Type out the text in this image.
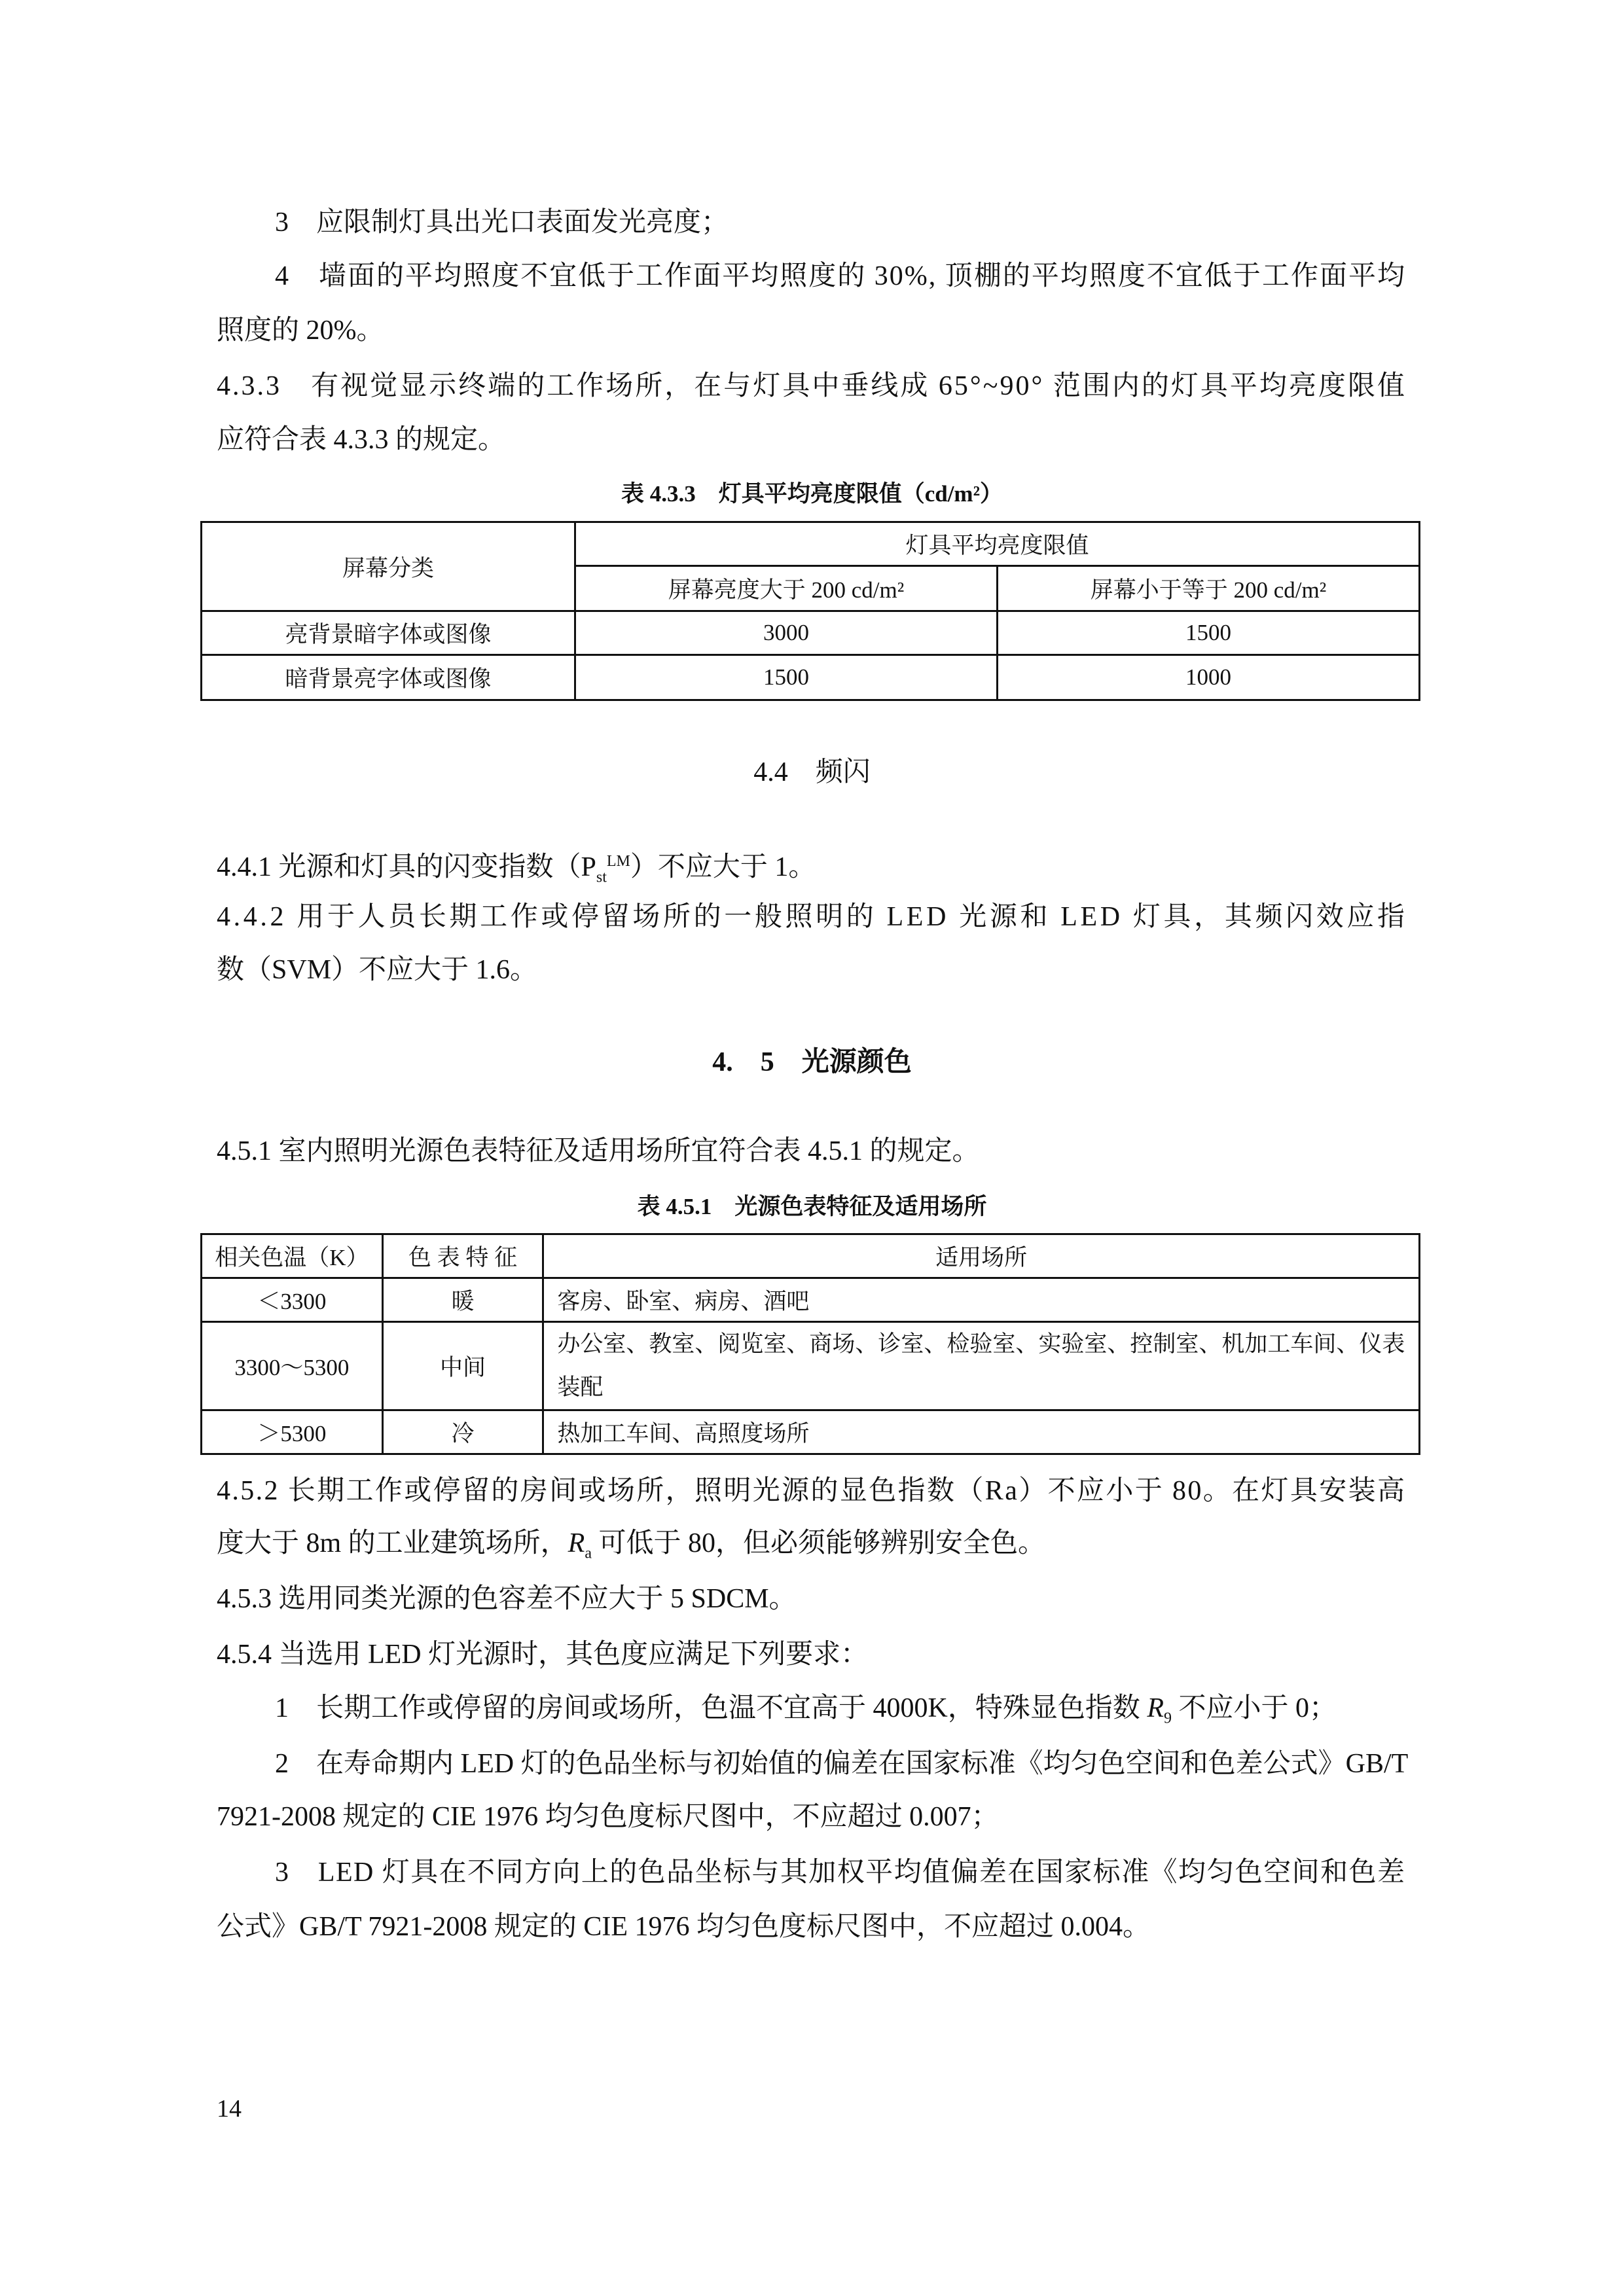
3　应限制灯具出光口表面发光亮度；
4　墙面的平均照度不宜低于工作面平均照度的 30%, 顶棚的平均照度不宜低于工作面平均
照度的 20%。
4.3.3　有视觉显示终端的工作场所，在与灯具中垂线成 65°~90° 范围内的灯具平均亮度限值
应符合表 4.3.3 的规定。
表 4.3.3　灯具平均亮度限值（cd/m²）
屏幕分类	灯具平均亮度限值	
	屏幕亮度大于 200 cd/m²	屏幕小于等于 200 cd/m²
亮背景暗字体或图像	3000	1500
暗背景亮字体或图像	1500	1000
4.4　频闪
4.4.1 光源和灯具的闪变指数$(P_{st}^{LM})$不应大于 1。
4.4.2 用于人员长期工作或停留场所的一般照明的 LED 光源和 LED 灯具，其频闪效应指
数（SVM）不应大于 1.6。
4.　5　光源颜色
4.5.1 室内照明光源色表特征及适用场所宜符合表 4.5.1 的规定。
表 4.5.1　光源色表特征及适用场所
相关色温（K）	色 表 特 征	适用场所
＜3300	暖	客房、卧室、病房、酒吧
3300～5300	中间	办公室、教室、阅览室、商场、诊室、检验室、实验室、控制室、机加工车间、仪表装配
＞5300	冷	热加工车间、高照度场所
4.5.2 长期工作或停留的房间或场所，照明光源的显色指数（Ra）不应小于 80。在灯具安装高
度大于 8m 的工业建筑场所，$R_a$ 可低于 80，但必须能够辨别安全色。
4.5.3 选用同类光源的色容差不应大于 5 SDCM。
4.5.4 当选用 LED 灯光源时，其色度应满足下列要求：
1　长期工作或停留的房间或场所，色温不宜高于 4000K，特殊显色指数 $R_9$ 不应小于 0；
2　在寿命期内 LED 灯的色品坐标与初始值的偏差在国家标准《均匀色空间和色差公式》GB/T
7921-2008 规定的 CIE 1976 均匀色度标尺图中，不应超过 0.007；
3　LED 灯具在不同方向上的色品坐标与其加权平均值偏差在国家标准《均匀色空间和色差
公式》GB/T 7921-2008 规定的 CIE 1976 均匀色度标尺图中，不应超过 0.004。
14
